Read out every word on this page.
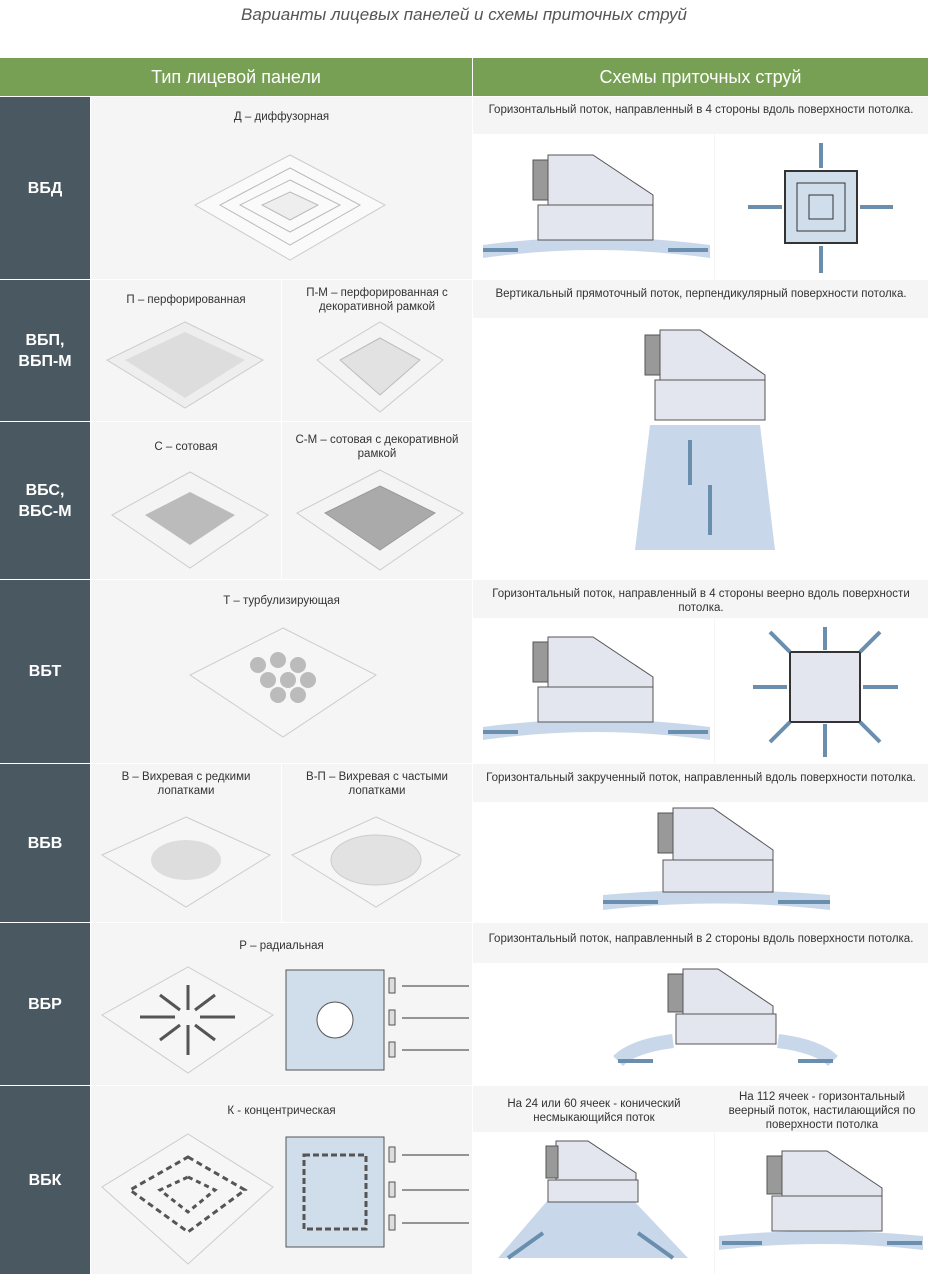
Варианты лицевых панелей и схемы приточных струй
Тип лицевой панели	Схемы приточных струй
ВБД
Д – диффузорная
Горизонтальный поток, направленный в 4 стороны вдоль поверхности потолка.
ВБП, ВБП-М
П – перфорированная
П-М – перфорированная с декоративной рамкой
ВБС, ВБС-М
С – сотовая
С-М – сотовая с декоративной рамкой
Вертикальный прямоточный поток, перпендикулярный поверхности потолка.
ВБТ
Т – турбулизирующая
Горизонтальный поток, направленный в 4 стороны веерно вдоль поверхности потолка.
ВБВ
В – Вихревая с редкими лопатками
В-П – Вихревая с частыми лопатками
Горизонтальный закрученный поток, направленный вдоль поверхности потолка.
ВБР
Р – радиальная
Горизонтальный поток, направленный в 2 стороны вдоль поверхности потолка.
ВБК
К - концентрическая
На 24 или 60 ячеек - конический несмыкающийся поток
На 112 ячеек - горизонтальный веерный поток, настилающийся по поверхности потолка
